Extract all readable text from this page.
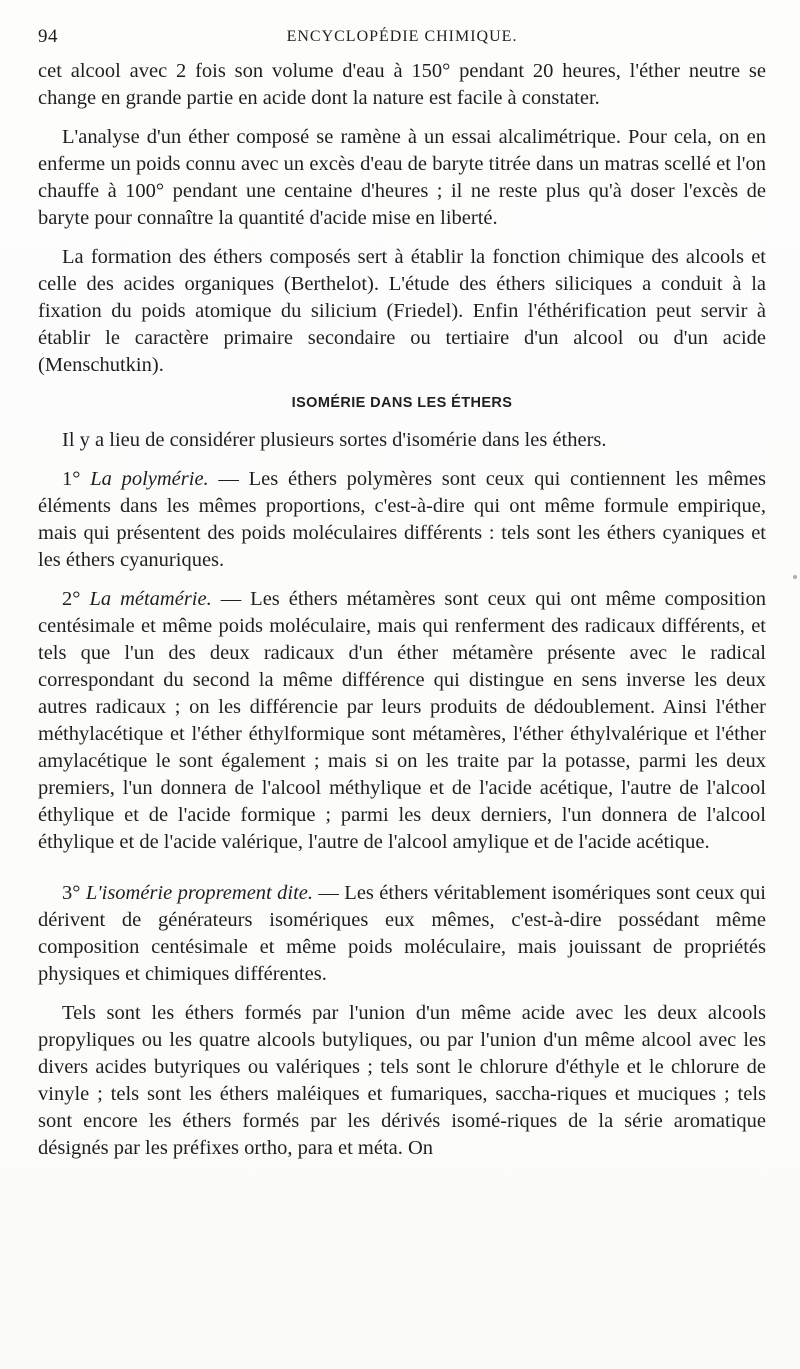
94	ENCYCLOPÉDIE CHIMIQUE.

cet alcool avec 2 fois son volume d'eau à 150° pendant 20 heures, l'éther neutre se change en grande partie en acide dont la nature est facile à constater.

L'analyse d'un éther composé se ramène à un essai alcalimétrique. Pour cela, on en enferme un poids connu avec un excès d'eau de baryte titrée dans un matras scellé et l'on chauffe à 100° pendant une centaine d'heures ; il ne reste plus qu'à doser l'excès de baryte pour connaître la quantité d'acide mise en liberté.

La formation des éthers composés sert à établir la fonction chimique des alcools et celle des acides organiques (Berthelot). L'étude des éthers siliciques a conduit à la fixation du poids atomique du silicium (Friedel). Enfin l'éthérification peut servir à établir le caractère primaire secondaire ou tertiaire d'un alcool ou d'un acide (Menschutkin).

ISOMÉRIE DANS LES ÉTHERS

Il y a lieu de considérer plusieurs sortes d'isomérie dans les éthers.

1° La polymérie. — Les éthers polymères sont ceux qui contiennent les mêmes éléments dans les mêmes proportions, c'est-à-dire qui ont même formule empirique, mais qui présentent des poids moléculaires différents : tels sont les éthers cyaniques et les éthers cyanuriques.

2° La métamérie. — Les éthers métamères sont ceux qui ont même composition centésimale et même poids moléculaire, mais qui renferment des radicaux différents, et tels que l'un des deux radicaux d'un éther métamère présente avec le radical correspondant du second la même différence qui distingue en sens inverse les deux autres radicaux ; on les différencie par leurs produits de dédoublement. Ainsi l'éther méthylacétique et l'éther éthylformique sont métamères, l'éther éthylvalérique et l'éther amylacétique le sont également ; mais si on les traite par la potasse, parmi les deux premiers, l'un donnera de l'alcool méthylique et de l'acide acétique, l'autre de l'alcool éthylique et de l'acide formique ; parmi les deux derniers, l'un donnera de l'alcool éthylique et de l'acide valérique, l'autre de l'alcool amylique et de l'acide acétique.

3° L'isomérie proprement dite. — Les éthers véritablement isomériques sont ceux qui dérivent de générateurs isomériques eux mêmes, c'est-à-dire possédant même composition centésimale et même poids moléculaire, mais jouissant de propriétés physiques et chimiques différentes.

Tels sont les éthers formés par l'union d'un même acide avec les deux alcools propyliques ou les quatre alcools butyliques, ou par l'union d'un même alcool avec les divers acides butyriques ou valériques ; tels sont le chlorure d'éthyle et le chlorure de vinyle ; tels sont les éthers maléiques et fumariques, saccha-riques et muciques ; tels sont encore les éthers formés par les dérivés isomé-riques de la série aromatique désignés par les préfixes ortho, para et méta. On
